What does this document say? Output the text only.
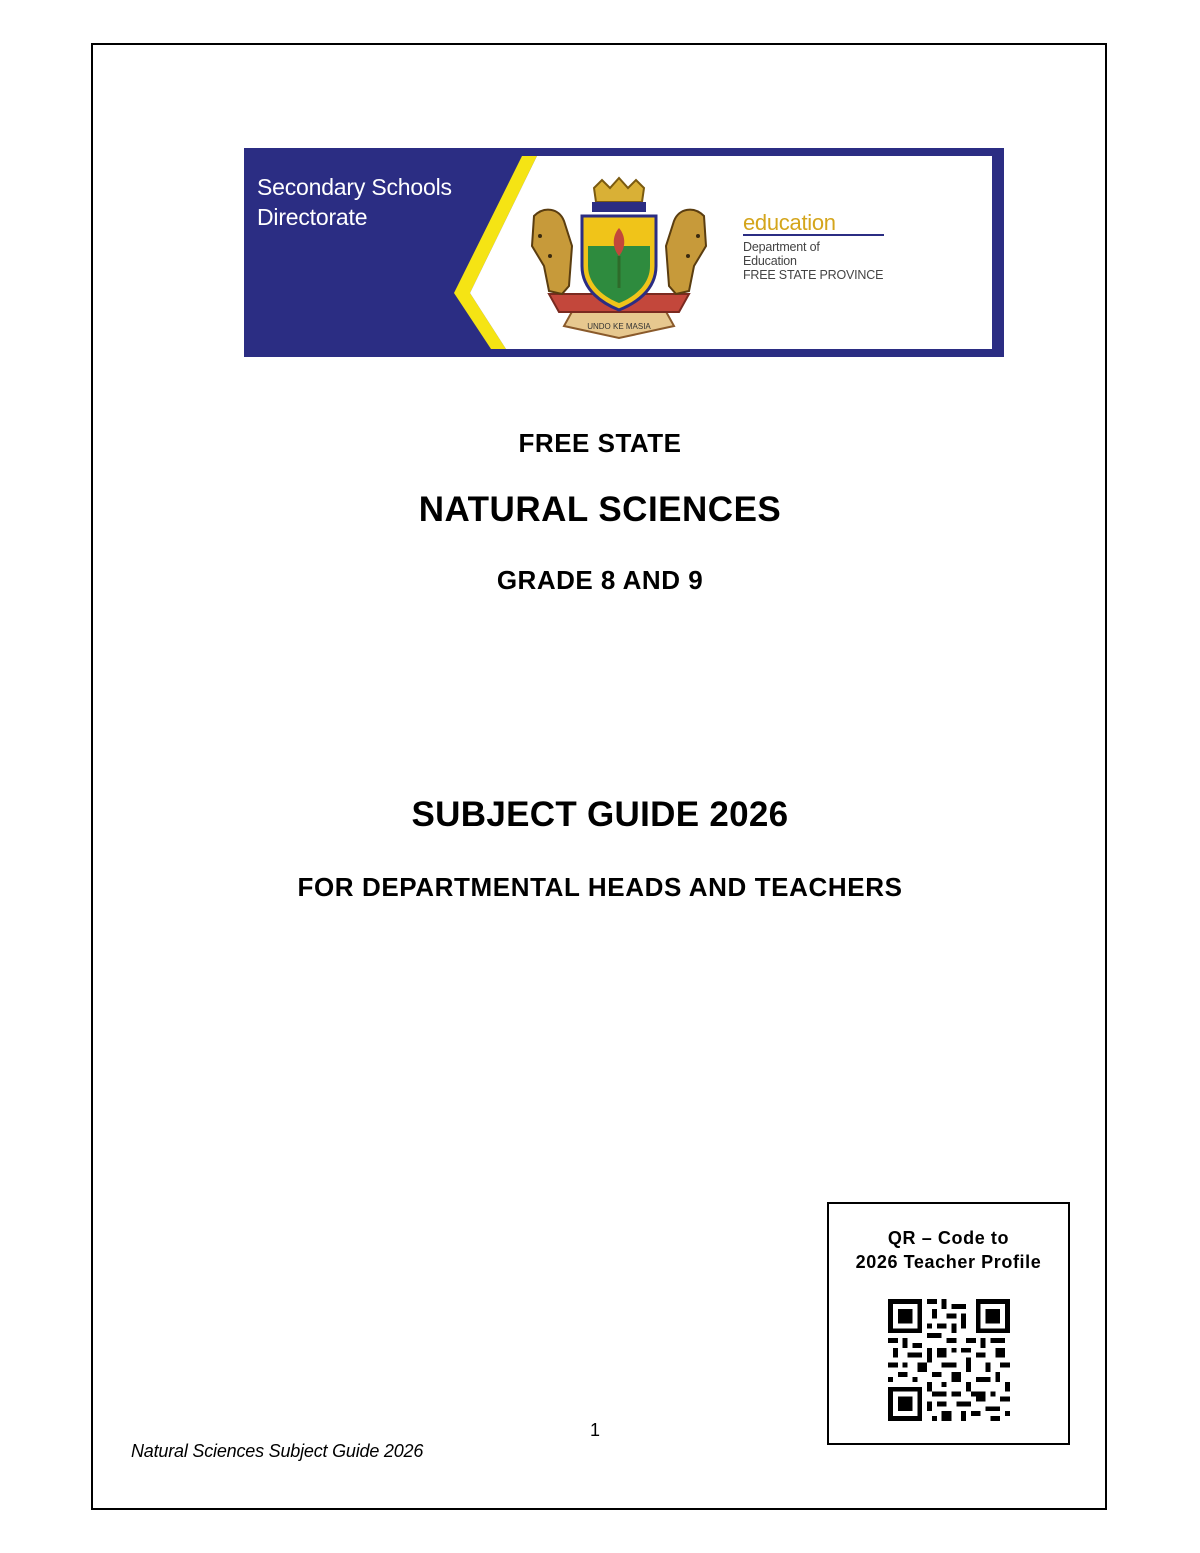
Secondary Schools
Directorate
UNDO KE MASIA
education
Department of
Education
FREE STATE PROVINCE
FREE STATE
NATURAL SCIENCES
GRADE 8 AND 9
SUBJECT GUIDE 2026
FOR DEPARTMENTAL HEADS AND TEACHERS
QR – Code to
2026 Teacher Profile
1
Natural Sciences Subject Guide 2026
